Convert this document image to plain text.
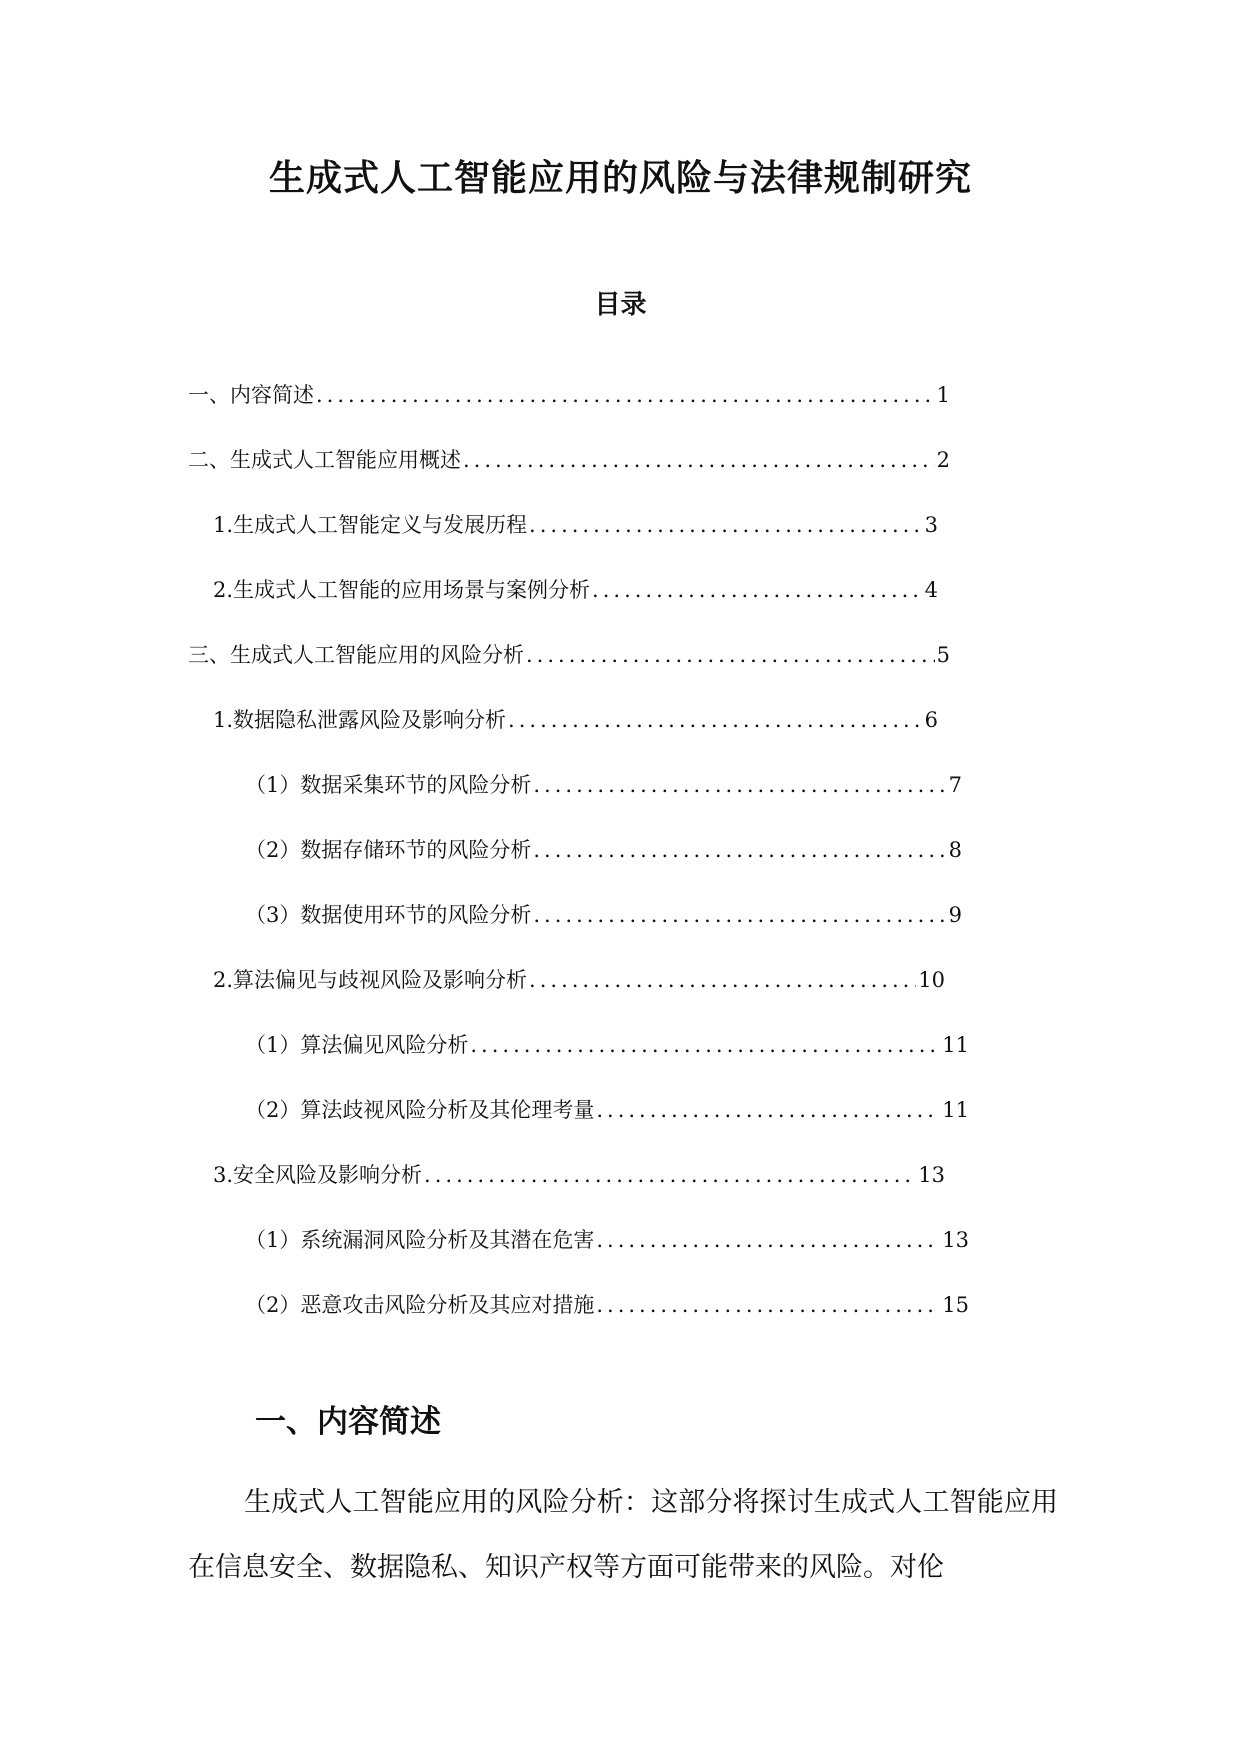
生成式人工智能应用的风险与法律规制研究
目录
一、内容简述 .....	1
二、生成式人工智能应用概述 .....	2
1. 生成式人工智能定义与发展历程 .....	3
2. 生成式人工智能的应用场景与案例分析 .....	4
三、生成式人工智能应用的风险分析 .....	5
1. 数据隐私泄露风险及影响分析 .....	6
（1）数据采集环节的风险分析 .....	7
（2）数据存储环节的风险分析 .....	8
（3）数据使用环节的风险分析 .....	9
2. 算法偏见与歧视风险及影响分析 .....	10
（1）算法偏见风险分析 .....	11
（2）算法歧视风险分析及其伦理考量 .....	11
3. 安全风险及影响分析 .....	13
（1）系统漏洞风险分析及其潜在危害 .....	13
（2）恶意攻击风险分析及其应对措施 .....	15
一、内容简述

生成式人工智能应用的风险分析：这部分将探讨生成式人工智能应用在信息安全、数据隐私、知识产权等方面可能带来的风险。对伦
